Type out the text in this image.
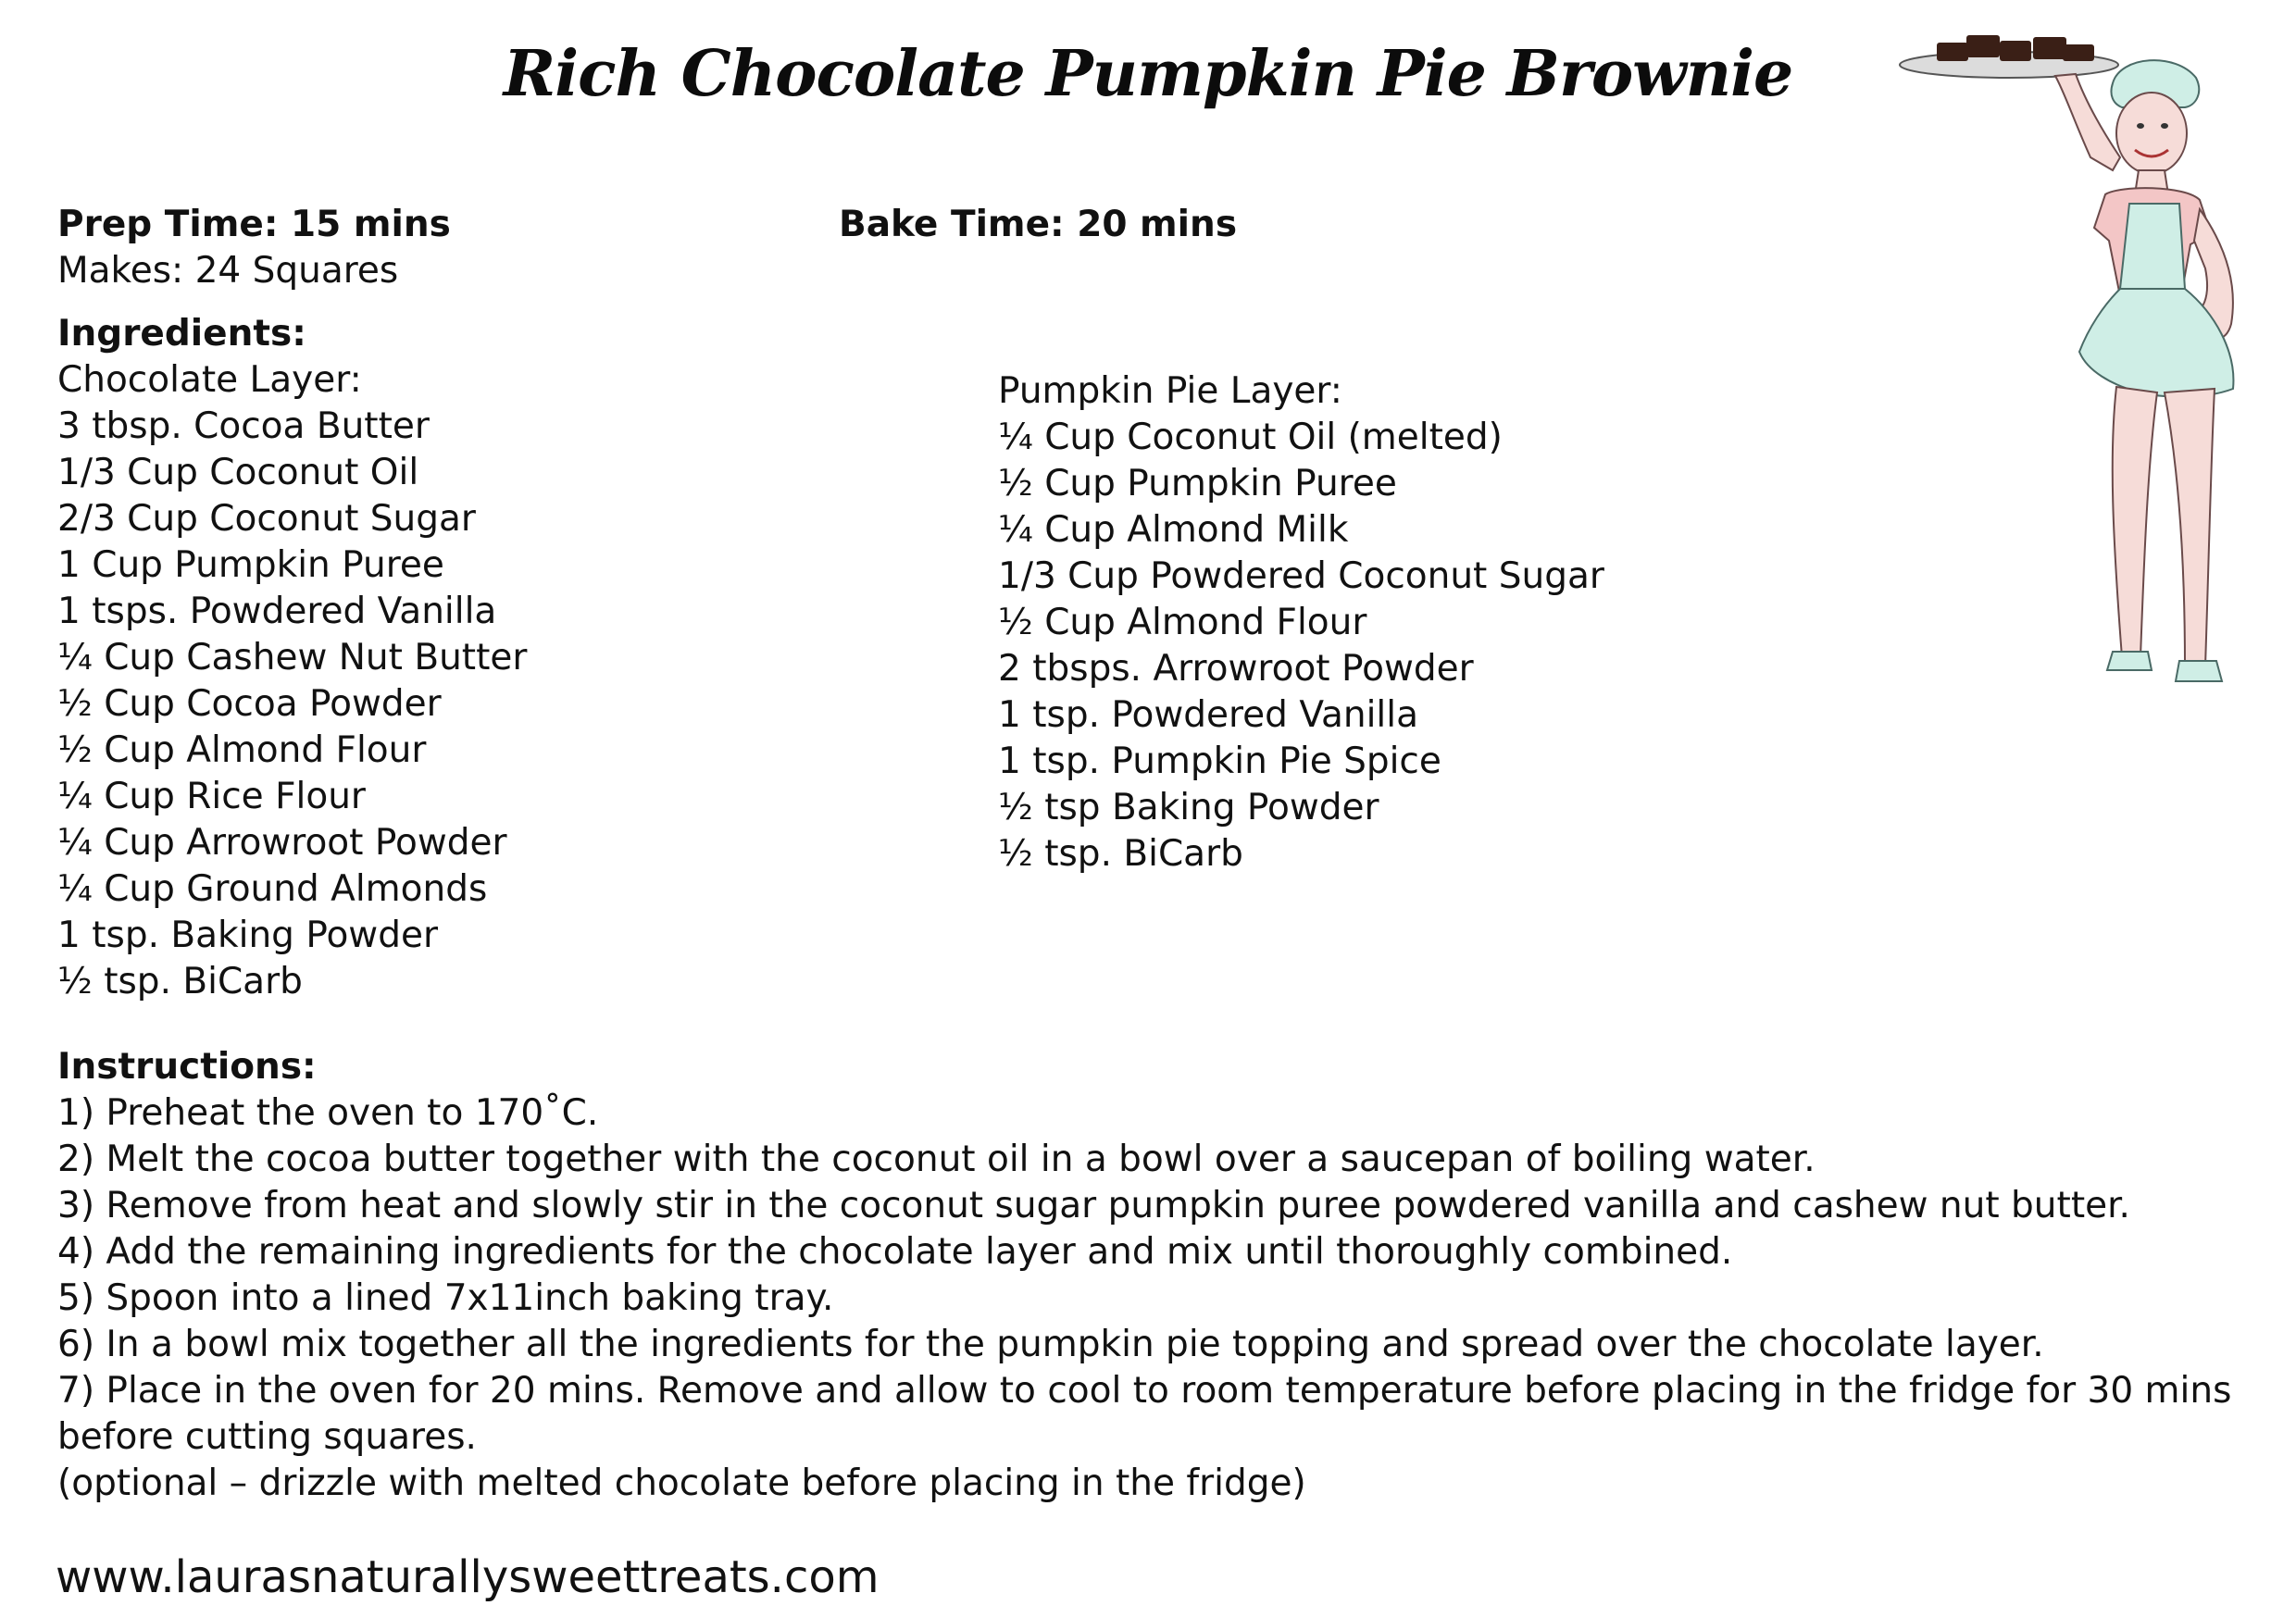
Rich Chocolate Pumpkin Pie Brownie
Prep Time: 15 mins	Bake Time: 20 mins
Makes: 24 Squares
Ingredients:
Chocolate Layer:
3 tbsp. Cocoa Butter
1/3 Cup Coconut Oil
2/3 Cup Coconut Sugar
1 Cup Pumpkin Puree
1 tsps. Powdered Vanilla
¼ Cup Cashew Nut Butter
½ Cup Cocoa Powder
½ Cup Almond Flour
¼ Cup Rice Flour
¼ Cup Arrowroot Powder
¼ Cup Ground Almonds
1 tsp. Baking Powder
½ tsp. BiCarb
Pumpkin Pie Layer:
¼ Cup Coconut Oil (melted)
½ Cup Pumpkin Puree
¼ Cup Almond Milk
1/3 Cup Powdered Coconut Sugar
½ Cup Almond Flour
2 tbsps. Arrowroot Powder
1 tsp. Powdered Vanilla
1 tsp. Pumpkin Pie Spice
½ tsp Baking Powder
½ tsp. BiCarb
Instructions:
1) Preheat the oven to 170˚C.
2) Melt the cocoa butter together with the coconut oil in a bowl over a saucepan of boiling water.
3) Remove from heat and slowly stir in the coconut sugar pumpkin puree powdered vanilla and cashew nut butter.
4) Add the remaining ingredients for the chocolate layer and mix until thoroughly combined.
5) Spoon into a lined 7x11inch baking tray.
6) In a bowl mix together all the ingredients for the pumpkin pie topping and spread over the chocolate layer.
7) Place in the oven for 20 mins. Remove and allow to cool to room temperature before placing in the fridge for 30 mins before cutting squares.
(optional – drizzle with melted chocolate before placing in the fridge)
www.laurasnaturallysweettreats.com
